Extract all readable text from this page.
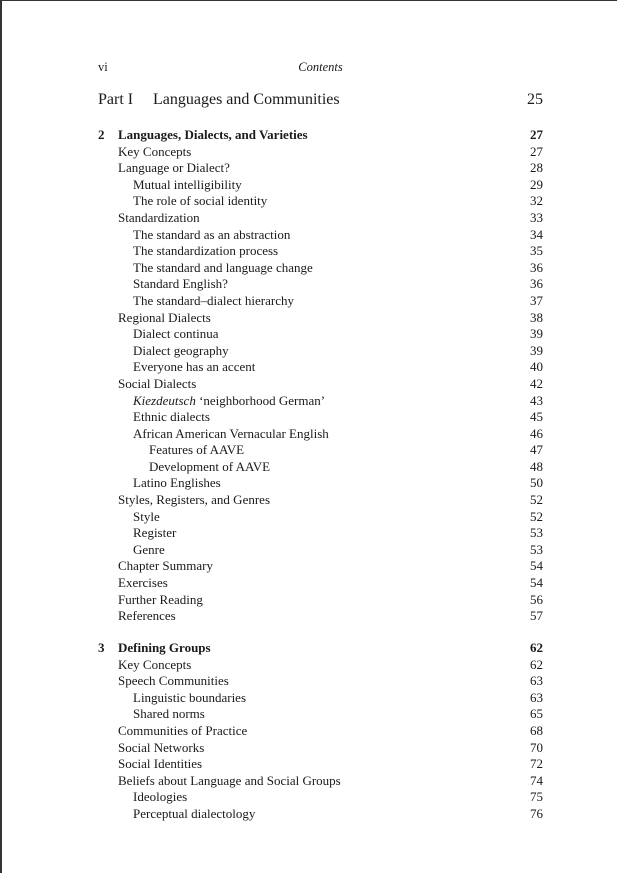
vi	Contents
Part I Languages and Communities	25
2 Languages, Dialects, and Varieties	27
Key Concepts	27
Language or Dialect?	28
Mutual intelligibility	29
The role of social identity	32
Standardization	33
The standard as an abstraction	34
The standardization process	35
The standard and language change	36
Standard English?	36
The standard–dialect hierarchy	37
Regional Dialects	38
Dialect continua	39
Dialect geography	39
Everyone has an accent	40
Social Dialects	42
Kiezdeutsch ‘neighborhood German’	43
Ethnic dialects	45
African American Vernacular English	46
Features of AAVE	47
Development of AAVE	48
Latino Englishes	50
Styles, Registers, and Genres	52
Style	52
Register	53
Genre	53
Chapter Summary	54
Exercises	54
Further Reading	56
References	57
3 Defining Groups	62
Key Concepts	62
Speech Communities	63
Linguistic boundaries	63
Shared norms	65
Communities of Practice	68
Social Networks	70
Social Identities	72
Beliefs about Language and Social Groups	74
Ideologies	75
Perceptual dialectology	76
